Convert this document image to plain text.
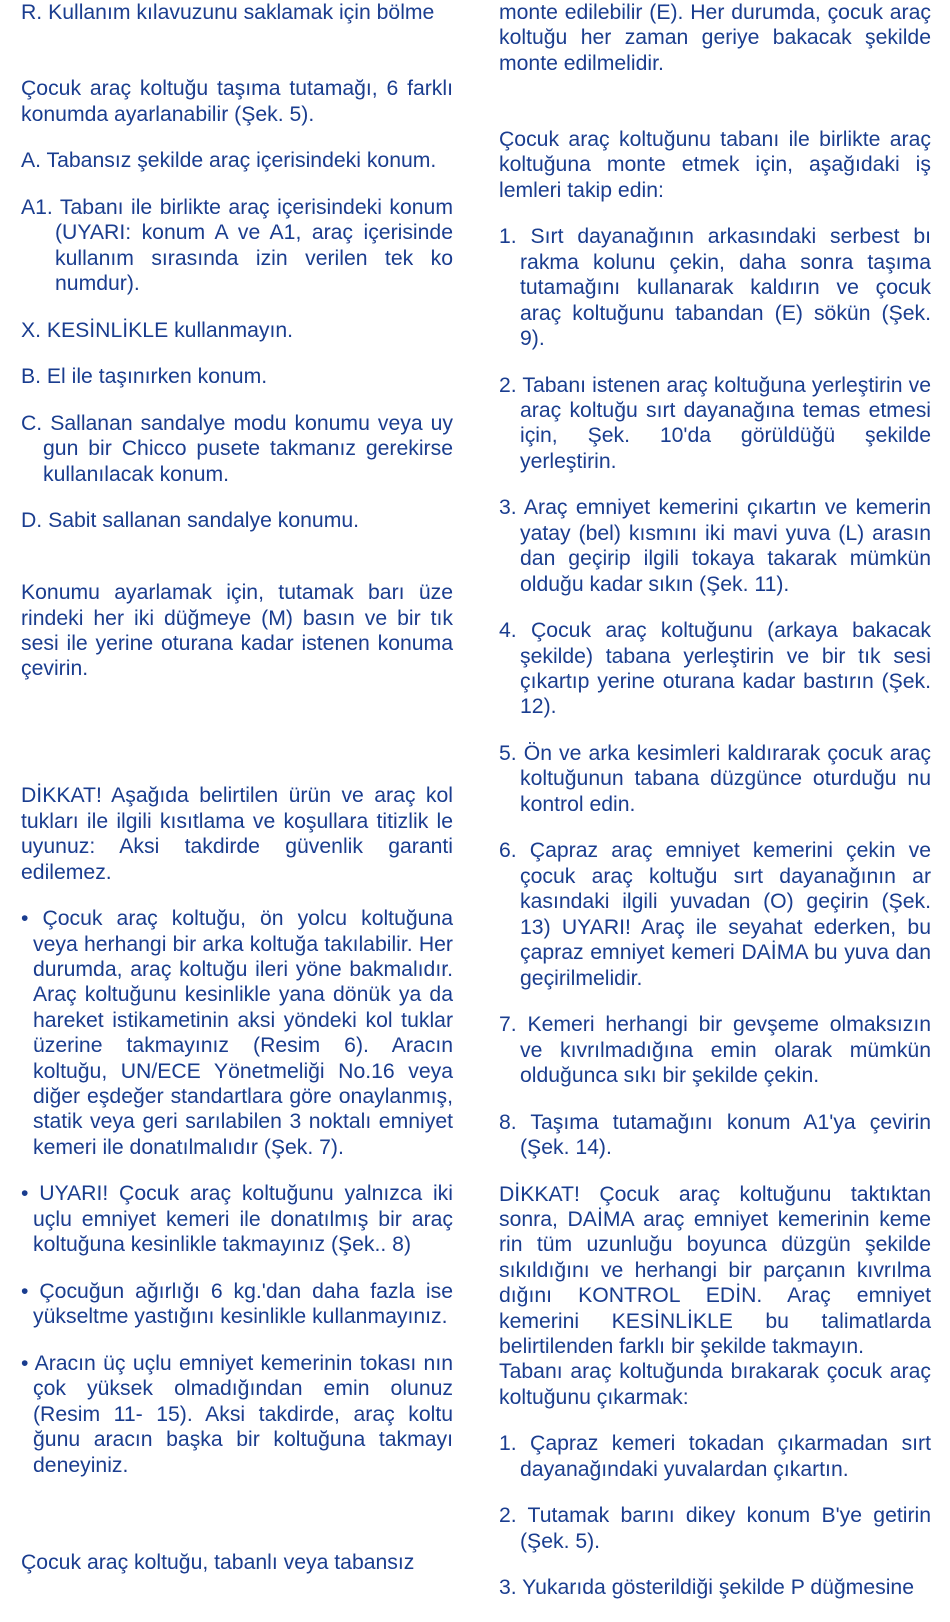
R. Kullanım kılavuzunu saklamak için bölme

Çocuk araç koltuğu taşıma tutamağı, 6 farklı konumda ayarlanabilir (Şek. 5).

A. Tabansız şekilde araç içerisindeki konum.

A1. Tabanı ile birlikte araç içerisindeki konum (UYARI: konum A ve A1, araç içerisinde kullanım sırasında izin verilen tek ko numdur).

X. KESİNLİKLE kullanmayın.

B. El ile taşınırken konum.

C. Sallanan sandalye modu konumu veya uy gun bir Chicco pusete takmanız gerekirse kullanılacak konum.

D. Sabit sallanan sandalye konumu.

Konumu ayarlamak için, tutamak barı üze rindeki her iki düğmeye (M) basın ve bir tık sesi ile yerine oturana kadar istenen konuma çevirin.

DİKKAT! Aşağıda belirtilen ürün ve araç kol tukları ile ilgili kısıtlama ve koşullara titizlik le uyunuz: Aksi takdirde güvenlik garanti edilemez.

• Çocuk araç koltuğu, ön yolcu koltuğuna veya herhangi bir arka koltuğa takılabilir. Her durumda, araç koltuğu ileri yöne bakmalıdır. Araç koltuğunu kesinlikle yana dönük ya da hareket istikametinin aksi yöndeki kol tuklar üzerine takmayınız (Resim 6). Aracın koltuğu, UN/ECE Yönetmeliği No.16 veya diğer eşdeğer standartlara göre onaylanmış, statik veya geri sarılabilen 3 noktalı emniyet kemeri ile donatılmalıdır (Şek. 7).

• UYARI! Çocuk araç koltuğunu yalnızca iki uçlu emniyet kemeri ile donatılmış bir araç koltuğuna kesinlikle takmayınız (Şek.. 8)

• Çocuğun ağırlığı 6 kg.'dan daha fazla ise yükseltme yastığını kesinlikle kullanmayınız.

• Aracın üç uçlu emniyet kemerinin tokası nın çok yüksek olmadığından emin olunuz (Resim 11- 15). Aksi takdirde, araç koltu ğunu aracın başka bir koltuğuna takmayı deneyiniz.

Çocuk araç koltuğu, tabanlı veya tabansız

monte edilebilir (E). Her durumda, çocuk araç koltuğu her zaman geriye bakacak şekilde monte edilmelidir.

Çocuk araç koltuğunu tabanı ile birlikte araç koltuğuna monte etmek için, aşağıdaki iş lemleri takip edin:

1. Sırt dayanağının arkasındaki serbest bı rakma kolunu çekin, daha sonra taşıma tutamağını kullanarak kaldırın ve çocuk araç koltuğunu tabandan (E) sökün (Şek. 9).

2. Tabanı istenen araç koltuğuna yerleştirin ve araç koltuğu sırt dayanağına temas etmesi için, Şek. 10'da görüldüğü şekilde yerleştirin.

3. Araç emniyet kemerini çıkartın ve kemerin yatay (bel) kısmını iki mavi yuva (L) arasın dan geçirip ilgili tokaya takarak mümkün olduğu kadar sıkın (Şek. 11).

4. Çocuk araç koltuğunu (arkaya bakacak şekilde) tabana yerleştirin ve bir tık sesi çıkartıp yerine oturana kadar bastırın (Şek. 12).

5. Ön ve arka kesimleri kaldırarak çocuk araç koltuğunun tabana düzgünce oturduğu nu kontrol edin.

6. Çapraz araç emniyet kemerini çekin ve çocuk araç koltuğu sırt dayanağının ar kasındaki ilgili yuvadan (O) geçirin (Şek. 13) UYARI! Araç ile seyahat ederken, bu çapraz emniyet kemeri DAİMA bu yuva dan geçirilmelidir.

7. Kemeri herhangi bir gevşeme olmaksızın ve kıvrılmadığına emin olarak mümkün olduğunca sıkı bir şekilde çekin.

8. Taşıma tutamağını konum A1'ya çevirin (Şek. 14).

DİKKAT! Çocuk araç koltuğunu taktıktan sonra, DAİMA araç emniyet kemerinin keme rin tüm uzunluğu boyunca düzgün şekilde sıkıldığını ve herhangi bir parçanın kıvrılma dığını KONTROL EDİN. Araç emniyet kemerini KESİNLİKLE bu talimatlarda belirtilenden farklı bir şekilde takmayın.

Tabanı araç koltuğunda bırakarak çocuk araç koltuğunu çıkarmak:

1. Çapraz kemeri tokadan çıkarmadan sırt dayanağındaki yuvalardan çıkartın.

2. Tutamak barını dikey konum B'ye getirin (Şek. 5).

3. Yukarıda gösterildiği şekilde P düğmesine
